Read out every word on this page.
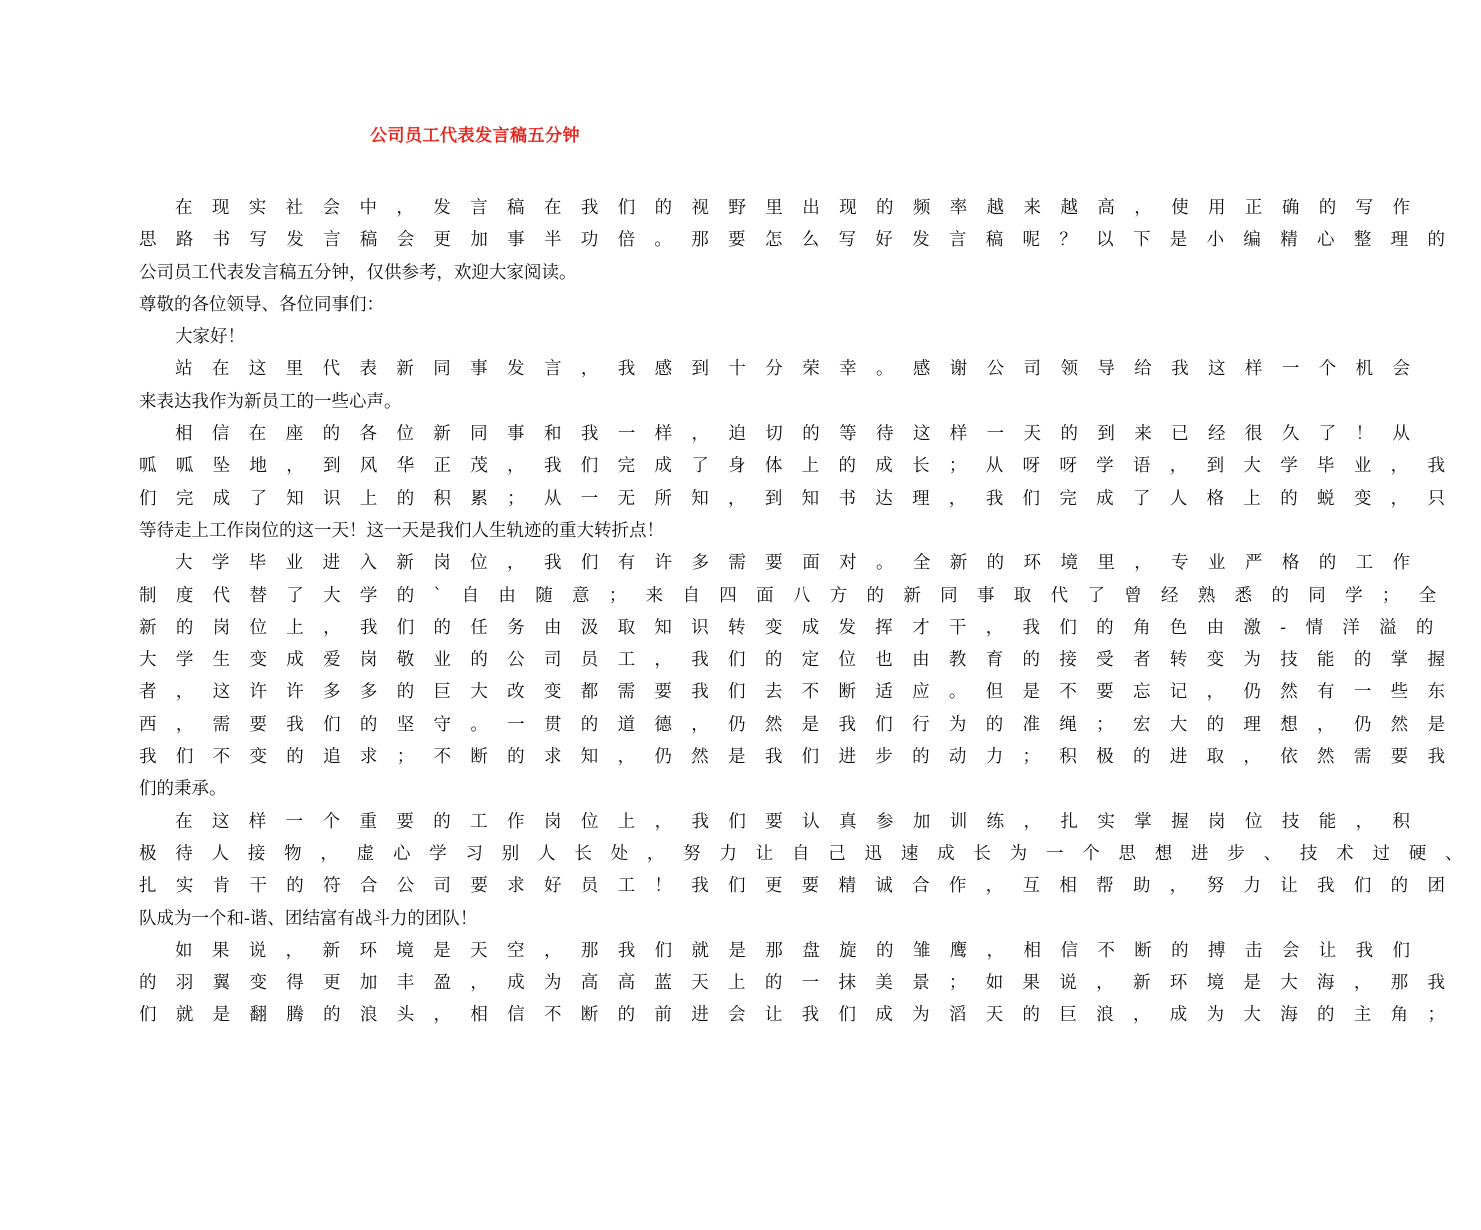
公司员工代表发言稿五分钟
在现实社会中，发言稿在我们的视野里出现的频率越来越高，使用正确的写作
思路书写发言稿会更加事半功倍。那要怎么写好发言稿呢？以下是小编精心整理的
公司员工代表发言稿五分钟，仅供参考，欢迎大家阅读。
尊敬的各位领导、各位同事们：
大家好！
站在这里代表新同事发言，我感到十分荣幸。感谢公司领导给我这样一个机会
来表达我作为新员工的一些心声。
相信在座的各位新同事和我一样，迫切的等待这样一天的到来已经很久了！从
呱呱坠地，到风华正茂，我们完成了身体上的成长；从呀呀学语，到大学毕业，我
们完成了知识上的积累；从一无所知，到知书达理，我们完成了人格上的蜕变，只
等待走上工作岗位的这一天！这一天是我们人生轨迹的重大转折点！
大学毕业进入新岗位，我们有许多需要面对。全新的环境里，专业严格的工作
制度代替了大学的`自由随意；来自四面八方的新同事取代了曾经熟悉的同学；全
新的岗位上，我们的任务由汲取知识转变成发挥才干，我们的角色由激-情洋溢的
大学生变成爱岗敬业的公司员工，我们的定位也由教育的接受者转变为技能的掌握
者，这许许多多的巨大改变都需要我们去不断适应。但是不要忘记，仍然有一些东
西，需要我们的坚守。一贯的道德，仍然是我们行为的准绳；宏大的理想，仍然是
我们不变的追求；不断的求知，仍然是我们进步的动力；积极的进取，依然需要我
们的秉承。
在这样一个重要的工作岗位上，我们要认真参加训练，扎实掌握岗位技能，积
极待人接物，虚心学习别人长处，努力让自己迅速成长为一个思想进步、技术过硬、
扎实肯干的符合公司要求好员工！我们更要精诚合作，互相帮助，努力让我们的团
队成为一个和-谐、团结富有战斗力的团队！
如果说，新环境是天空，那我们就是那盘旋的雏鹰，相信不断的搏击会让我们
的羽翼变得更加丰盈，成为高高蓝天上的一抹美景；如果说，新环境是大海，那我
们就是翻腾的浪头，相信不断的前进会让我们成为滔天的巨浪，成为大海的主角；
